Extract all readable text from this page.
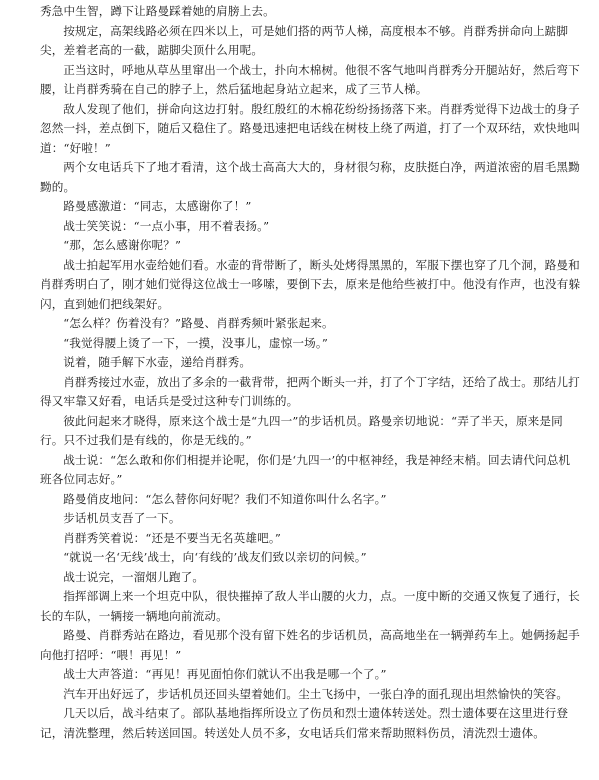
秀急中生智，蹲下让路曼踩着她的肩膀上去。

按规定，高架线路必须在四米以上，可是她们搭的两节人梯，高度根本不够。肖群秀拼命向上踮脚尖，差着老高的一截，踮脚尖顶什么用呢。

正当这时，呼地从草丛里窜出一个战士，扑向木棉树。他很不客气地叫肖群秀分开腿站好，然后弯下腰，让肖群秀骑在自己的脖子上，然后猛地起身站立起来，成了三节人梯。

敌人发现了他们，拼命向这边打射。殷红殷红的木棉花纷纷扬扬落下来。肖群秀觉得下边战士的身子忽然一抖，差点倒下，随后又稳住了。路曼迅速把电话线在树枝上绕了两道，打了一个双环结，欢快地叫道：“好啦！”

两个女电话兵下了地才看清，这个战士高高大大的，身材很匀称，皮肤挺白净，两道浓密的眉毛黑黝黝的。

路曼感激道：“同志，太感谢你了！”

战士笑笑说：“一点小事，用不着表扬。”

“那，怎么感谢你呢？”

战士拍起军用水壶给她们看。水壶的背带断了，断头处烤得黑黑的，军服下摆也穿了几个洞，路曼和肖群秀明白了，刚才她们觉得这位战士一哆嗦，要倒下去，原来是他给些被打中。他没有作声，也没有躲闪，直到她们把线架好。

“怎么样？伤着没有？”路曼、肖群秀频叶紧张起来。

“我觉得腰上烫了一下，一摸，没事儿，虚惊一场。”

说着，随手解下水壶，递给肖群秀。

肖群秀接过水壶，放出了多余的一截背带，把两个断头一并，打了个丁字结，还给了战士。那结儿打得又牢靠又好看，电话兵是受过这种专门训练的。

彼此问起来才晓得，原来这个战士是“九四一”的步话机员。路曼亲切地说：“弄了半天，原来是同行。只不过我们是有线的，你是无线的。”

战士说：“怎么敢和你们相提并论呢，你们是‘九四一’的中枢神经，我是神经末梢。回去请代问总机班各位同志好。”

路曼俏皮地问：“怎么替你问好呢？我们不知道你叫什么名字。”

步话机员支吾了一下。

肖群秀笑着说：“还是不要当无名英雄吧。”

“就说一名‘无线’战士，向‘有线的’战友们致以亲切的问候。”

战士说完，一溜烟儿跑了。

指挥部调上来一个坦克中队，很快摧掉了敌人半山腰的火力，点。一度中断的交通又恢复了通行，长长的车队，一辆接一辆地向前流动。

路曼、肖群秀站在路边，看见那个没有留下姓名的步话机员，高高地坐在一辆弹药车上。她俩扬起手向他打招呼：“喂！再见！”

战士大声答道：“再见！再见面怕你们就认不出我是哪一个了。”

汽车开出好远了，步话机员还回头望着她们。尘土飞扬中，一张白净的面孔现出坦然愉快的笑容。

几天以后，战斗结束了。部队基地指挥所设立了伤员和烈士遗体转送处。烈士遗体要在这里进行登记，清洗整理，然后转送回国。转送处人员不多，女电话兵们常来帮助照料伤员，清洗烈士遗体。
